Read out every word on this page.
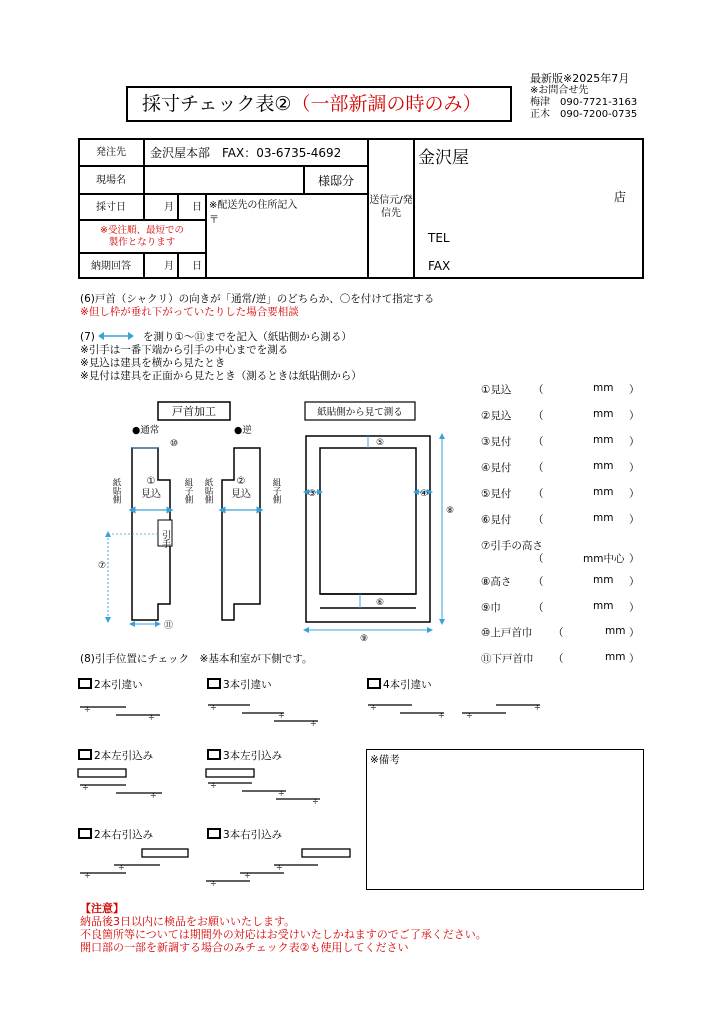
最新版※2025年7月
※お問合せ先
梅津　090-7721-3163
正木　090-7200-0735
採寸チェック表②（一部新調の時のみ）
発注先	金沢屋本部　FAX：03-6735-4692
現場名	様邸分
採寸日	月	日 ※配送先の住所記入
〒
※受注順、最短での製作となります
納期回答	月	日
送信元/発信先
金沢屋
店
TEL
FAX
(6)戸首（シャクリ）の向きが「通常/逆」のどちらか、〇を付けて指定する
※但し枠が垂れ下がっていたりした場合要相談
(7)	を測り①～⑪までを記入（紙貼側から測る）
※引手は一番下端から引手の中心までを測る
※見込は建具を横から見たとき
※見付は建具を正面から見たとき（測るときは紙貼側から）
戸首加工
●通常	●逆
⑩
① 見込
紙貼側	組子側
引手
⑦
⑪
② 見込
紙貼側	組子側
紙貼側から見て測る
③	④
⑤
⑥
⑧
⑨
①見込 （	mm ）
②見込 （	mm ）
③見付 （	mm ）
④見付 （	mm ）
⑤見付 （	mm ）
⑥見付 （	mm ）
⑦引手の高さ
（	mm中心 ）
⑧高さ （	mm ）
⑨巾	（	mm ）
⑩上戸首巾 （	mm ）
⑪下戸首巾 （	mm ）
(8)引手位置にチェック　※基本和室が下側です。
2本引違い	3本引違い	4本引違い
2本左引込み	3本左引込み
2本右引込み	3本右引込み
÷
÷
÷
÷
÷
÷
÷	÷
÷
÷
÷
÷
÷
÷
÷
÷
÷
÷
÷
※備考
【注意】
納品後3日以内に検品をお願いいたします。
不良箇所等については期間外の対応はお受けいたしかねますのでご了承ください。
開口部の一部を新調する場合のみチェック表②も使用してください
